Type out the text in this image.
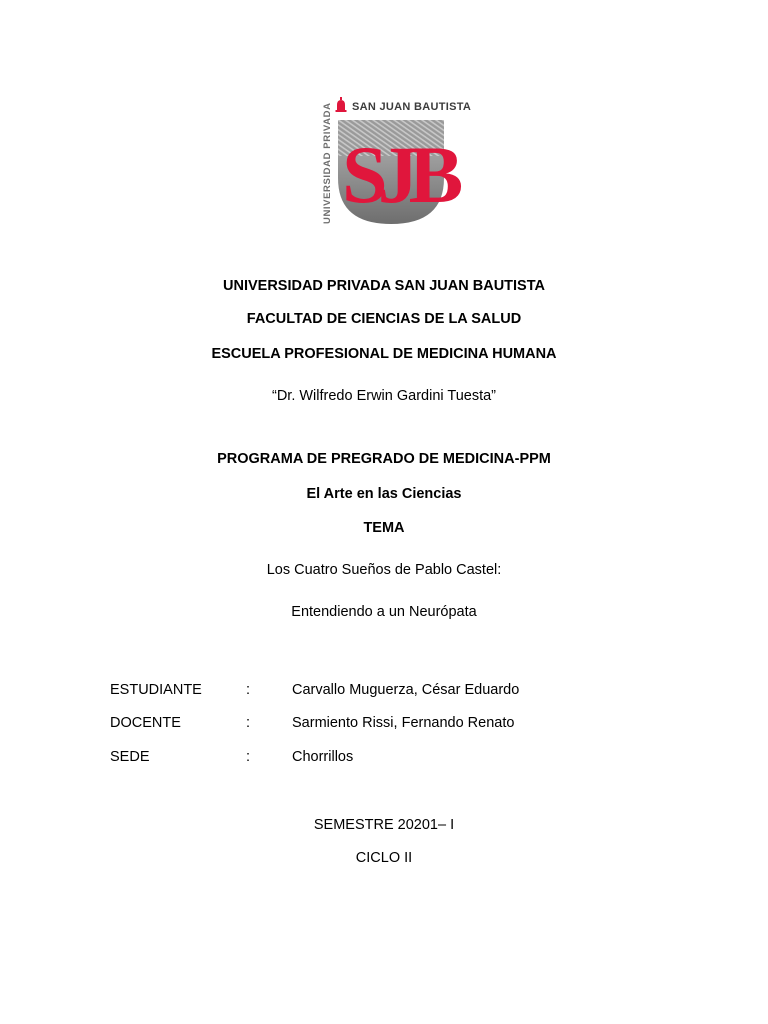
UNIVERSIDAD PRIVADA SAN JUAN BAUTISTA
SJB
UNIVERSIDAD PRIVADA SAN JUAN BAUTISTA
FACULTAD DE CIENCIAS DE LA SALUD
ESCUELA PROFESIONAL DE MEDICINA HUMANA
“Dr. Wilfredo Erwin Gardini Tuesta”
PROGRAMA DE PREGRADO DE MEDICINA-PPM
El Arte en las Ciencias
TEMA
Los Cuatro Sueños de Pablo Castel:
Entendiendo a un Neurópata
ESTUDIANTE	:	Carvallo Muguerza, César Eduardo
DOCENTE	:	Sarmiento Rissi, Fernando Renato
SEDE	:	Chorrillos
SEMESTRE 20201– I
CICLO II
